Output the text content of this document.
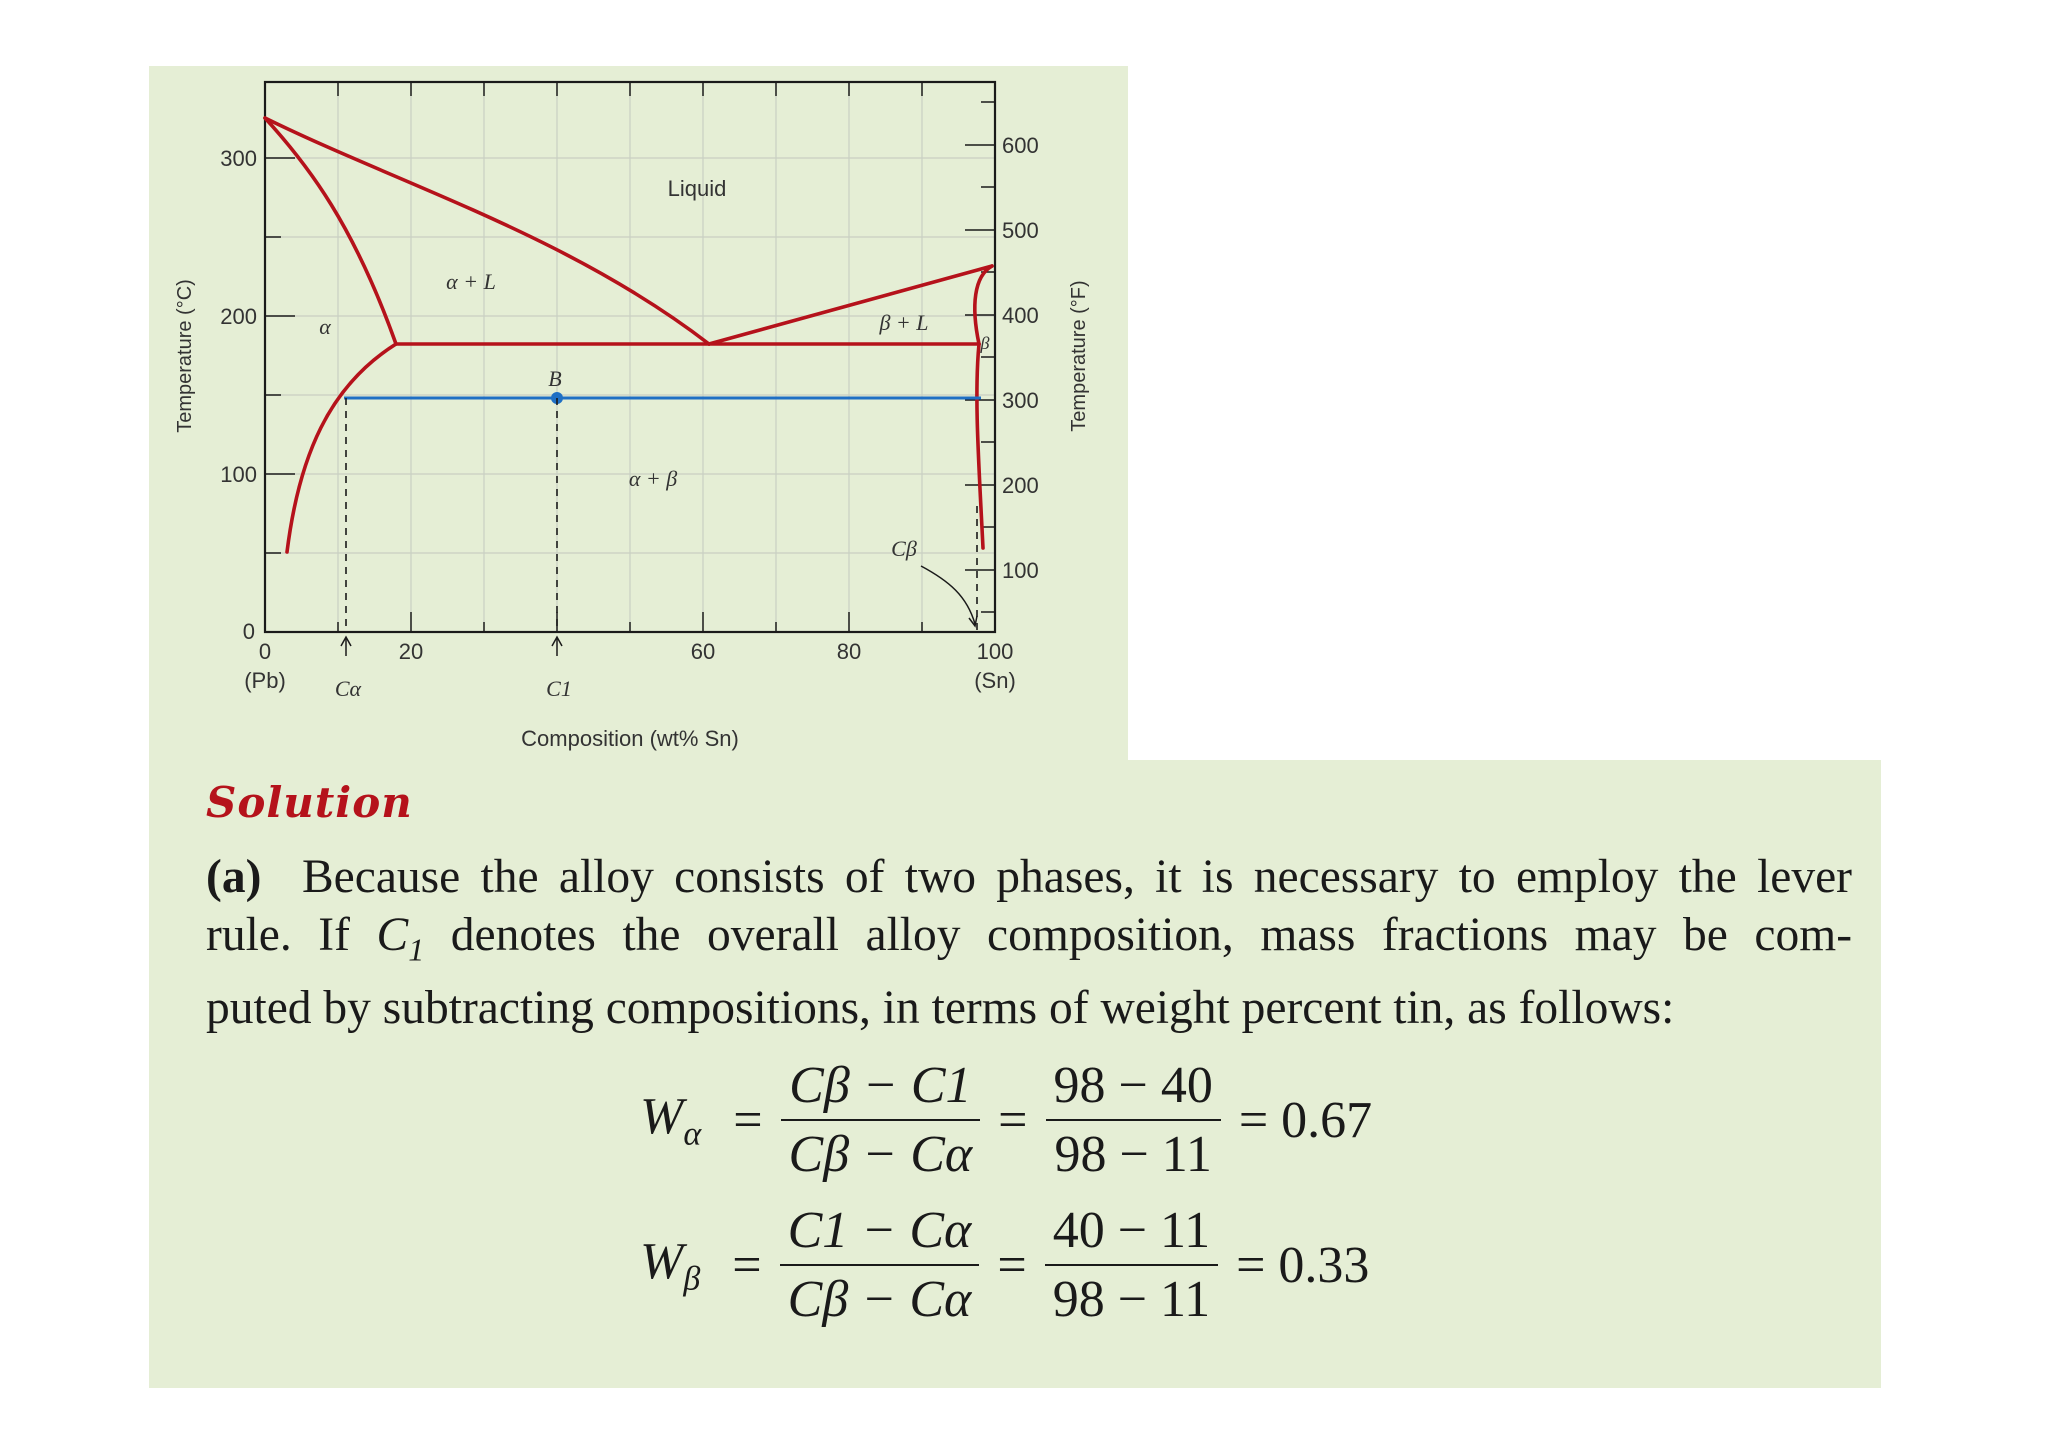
0	20	60	80	100
(Pb)	(Sn)
0
100
200
300
100
200
300
400
500
600
Composition (wt% Sn)
Temperature (°C)	Temperature (°F)
Liquid
α + L
α	β + L
β
α + β
B
Cα	C1
Cβ
Solution
(a) Because the alloy consists of two phases, it is necessary to employ the lever
rule. If $C_1$ denotes the overall alloy composition, mass fractions may be com-
puted by subtracting compositions, in terms of weight percent tin, as follows:
$W_\alpha = \frac{C\beta - C1}{C\beta - C\alpha} = \frac{98 - 40}{98 - 11} = 0.67$
$W_\beta = \frac{C1 - C\alpha}{C\beta - C\alpha} = \frac{40 - 11}{98 - 11} = 0.33$
